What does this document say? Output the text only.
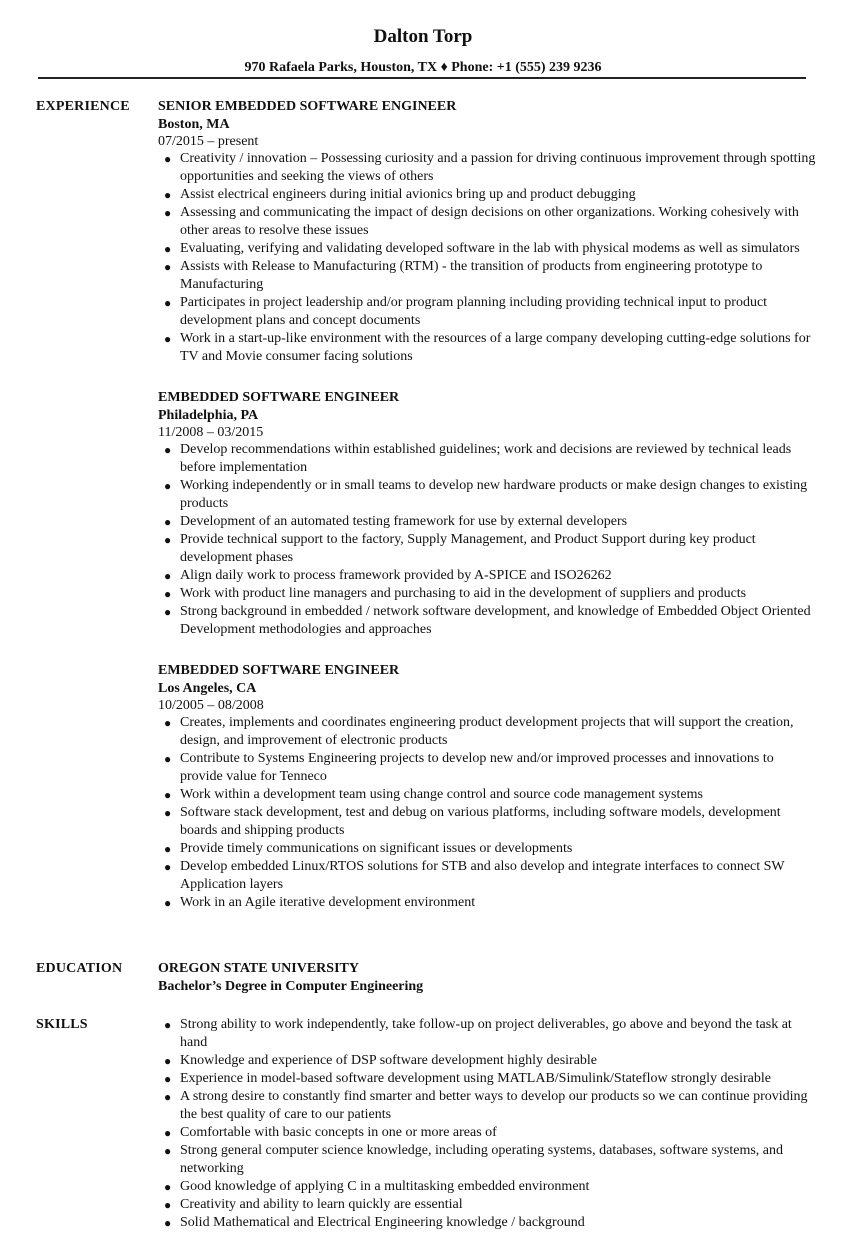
Dalton Torp
970 Rafaela Parks, Houston, TX ♦ Phone: +1 (555) 239 9236
EXPERIENCE SENIOR EMBEDDED SOFTWARE ENGINEER
Boston, MA
07/2015 – present
● Creativity / innovation – Possessing curiosity and a passion for driving continuous improvement through spotting opportunities and seeking the views of others
● Assist electrical engineers during initial avionics bring up and product debugging
● Assessing and communicating the impact of design decisions on other organizations. Working cohesively with other areas to resolve these issues
● Evaluating, verifying and validating developed software in the lab with physical modems as well as simulators
● Assists with Release to Manufacturing (RTM) - the transition of products from engineering prototype to Manufacturing
● Participates in project leadership and/or program planning including providing technical input to product development plans and concept documents
● Work in a start-up-like environment with the resources of a large company developing cutting-edge solutions for TV and Movie consumer facing solutions
EMBEDDED SOFTWARE ENGINEER
Philadelphia, PA
11/2008 – 03/2015
● Develop recommendations within established guidelines; work and decisions are reviewed by technical leads before implementation
● Working independently or in small teams to develop new hardware products or make design changes to existing products
● Development of an automated testing framework for use by external developers
● Provide technical support to the factory, Supply Management, and Product Support during key product development phases
● Align daily work to process framework provided by A-SPICE and ISO26262
● Work with product line managers and purchasing to aid in the development of suppliers and products
● Strong background in embedded / network software development, and knowledge of Embedded Object Oriented Development methodologies and approaches
EMBEDDED SOFTWARE ENGINEER
Los Angeles, CA
10/2005 – 08/2008
● Creates, implements and coordinates engineering product development projects that will support the creation, design, and improvement of electronic products
● Contribute to Systems Engineering projects to develop new and/or improved processes and innovations to provide value for Tenneco
● Work within a development team using change control and source code management systems
● Software stack development, test and debug on various platforms, including software models, development boards and shipping products
● Provide timely communications on significant issues or developments
● Develop embedded Linux/RTOS solutions for STB and also develop and integrate interfaces to connect SW Application layers
● Work in an Agile iterative development environment
EDUCATION	OREGON STATE UNIVERSITY
Bachelor’s Degree in Computer Engineering
SKILLS	● Strong ability to work independently, take follow-up on project deliverables, go above and beyond the task at hand
● Knowledge and experience of DSP software development highly desirable
● Experience in model-based software development using MATLAB/Simulink/Stateflow strongly desirable
● A strong desire to constantly find smarter and better ways to develop our products so we can continue providing the best quality of care to our patients
● Comfortable with basic concepts in one or more areas of
● Strong general computer science knowledge, including operating systems, databases, software systems, and networking
● Good knowledge of applying C in a multitasking embedded environment
● Creativity and ability to learn quickly are essential
● Solid Mathematical and Electrical Engineering knowledge / background
